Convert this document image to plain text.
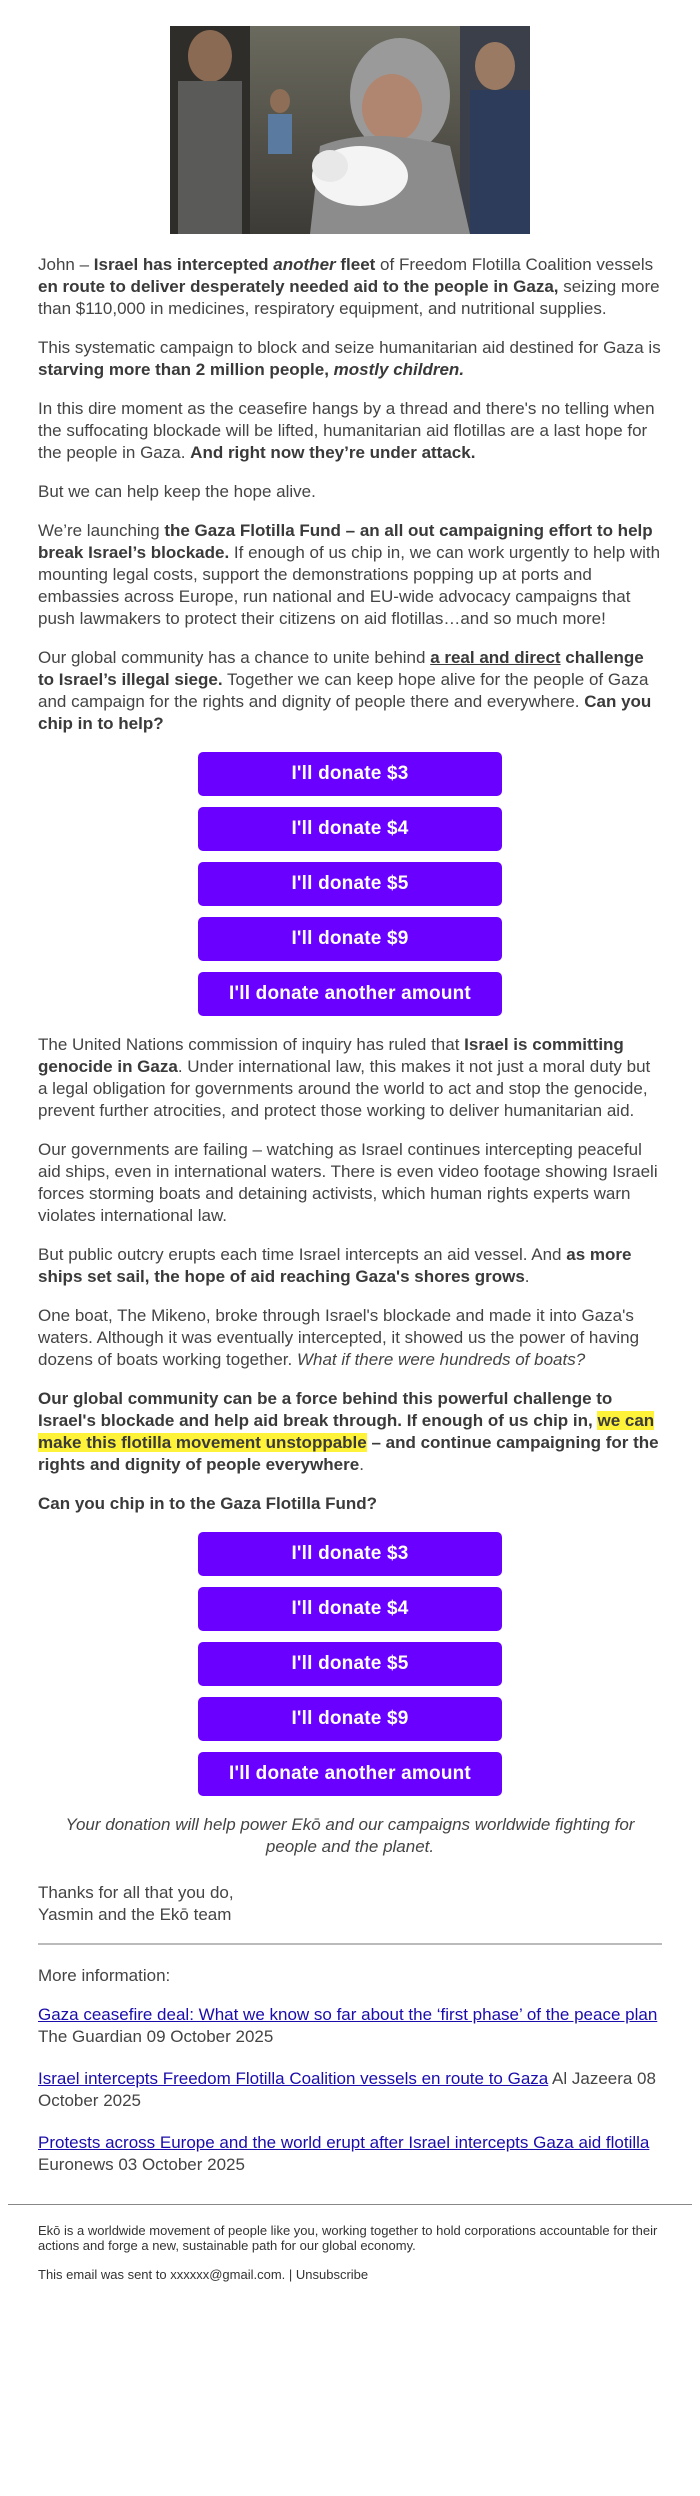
John – Israel has intercepted another fleet of Freedom Flotilla Coalition vessels en route to deliver desperately needed aid to the people in Gaza, seizing more than $110,000 in medicines, respiratory equipment, and nutritional supplies.

This systematic campaign to block and seize humanitarian aid destined for Gaza is starving more than 2 million people, mostly children.

In this dire moment as the ceasefire hangs by a thread and there's no telling when the suffocating blockade will be lifted, humanitarian aid flotillas are a last hope for the people in Gaza. And right now they’re under attack.

But we can help keep the hope alive.

We’re launching the Gaza Flotilla Fund – an all out campaigning effort to help break Israel’s blockade. If enough of us chip in, we can work urgently to help with mounting legal costs, support the demonstrations popping up at ports and embassies across Europe, run national and EU-wide advocacy campaigns that push lawmakers to protect their citizens on aid flotillas…and so much more!

Our global community has a chance to unite behind a real and direct challenge to Israel’s illegal siege. Together we can keep hope alive for the people of Gaza and campaign for the rights and dignity of people there and everywhere. Can you chip in to help?

I'll donate $3
I'll donate $4
I'll donate $5
I'll donate $9
I'll donate another amount

The United Nations commission of inquiry has ruled that Israel is committing genocide in Gaza. Under international law, this makes it not just a moral duty but a legal obligation for governments around the world to act and stop the genocide, prevent further atrocities, and protect those working to deliver humanitarian aid.

Our governments are failing – watching as Israel continues intercepting peaceful aid ships, even in international waters. There is even video footage showing Israeli forces storming boats and detaining activists, which human rights experts warn violates international law.

But public outcry erupts each time Israel intercepts an aid vessel. And as more ships set sail, the hope of aid reaching Gaza's shores grows.

One boat, The Mikeno, broke through Israel's blockade and made it into Gaza's waters. Although it was eventually intercepted, it showed us the power of having dozens of boats working together. What if there were hundreds of boats?

Our global community can be a force behind this powerful challenge to Israel's blockade and help aid break through. If enough of us chip in, we can make this flotilla movement unstoppable – and continue campaigning for the rights and dignity of people everywhere.

Can you chip in to the Gaza Flotilla Fund?

I'll donate $3
I'll donate $4
I'll donate $5
I'll donate $9
I'll donate another amount

Your donation will help power Ekō and our campaigns worldwide fighting for people and the planet.

Thanks for all that you do,
Yasmin and the Ekō team

More information:

Gaza ceasefire deal: What we know so far about the ‘first phase’ of the peace plan The Guardian 09 October 2025

Israel intercepts Freedom Flotilla Coalition vessels en route to Gaza Al Jazeera 08 October 2025

Protests across Europe and the world erupt after Israel intercepts Gaza aid flotilla Euronews 03 October 2025

Ekō is a worldwide movement of people like you, working together to hold corporations accountable for their actions and forge a new, sustainable path for our global economy.

This email was sent to xxxxxx@gmail.com. | Unsubscribe
